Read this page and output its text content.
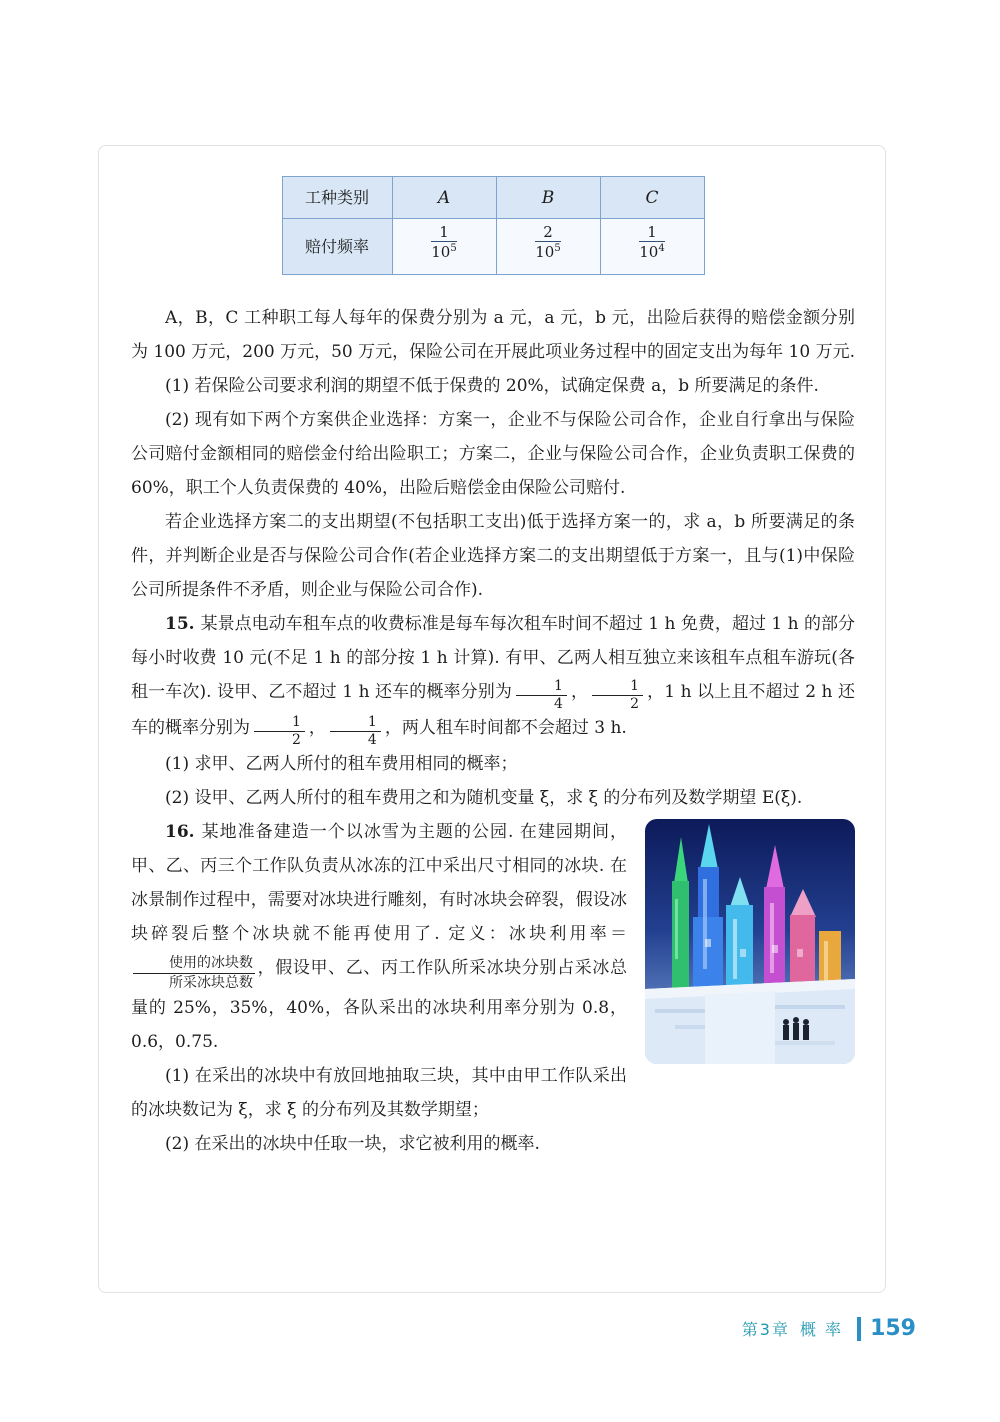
工种类别	A	B	C
赔付频率	$\frac{1}{10^5}$	$\frac{2}{10^5}$	$\frac{1}{10^4}$

A，B，C 工种职工每人每年的保费分别为 a 元，a 元，b 元，出险后获得的赔偿金额分别为 100 万元，200 万元，50 万元，保险公司在开展此项业务过程中的固定支出为每年 10 万元.

(1) 若保险公司要求利润的期望不低于保费的 20%，试确定保费 a，b 所要满足的条件.

(2) 现有如下两个方案供企业选择：方案一，企业不与保险公司合作，企业自行拿出与保险公司赔付金额相同的赔偿金付给出险职工；方案二，企业与保险公司合作，企业负责职工保费的 60%，职工个人负责保费的 40%，出险后赔偿金由保险公司赔付.

若企业选择方案二的支出期望(不包括职工支出)低于选择方案一的，求 a，b 所要满足的条件，并判断企业是否与保险公司合作(若企业选择方案二的支出期望低于方案一，且与(1)中保险公司所提条件不矛盾，则企业与保险公司合作).

15. 某景点电动车租车点的收费标准是每车每次租车时间不超过 1 h 免费，超过 1 h 的部分每小时收费 10 元(不足 1 h 的部分按 1 h 计算). 有甲、乙两人相互独立来该租车点租车游玩(各租一车次). 设甲、乙不超过 1 h 还车的概率分别为 $\frac{1}{4}$ ， $\frac{1}{2}$ ，1 h 以上且不超过 2 h 还车的概率分别为 $\frac{1}{2}$ ， $\frac{1}{4}$ ，两人租车时间都不会超过 3 h.

(1) 求甲、乙两人所付的租车费用相同的概率；

(2) 设甲、乙两人所付的租车费用之和为随机变量 ξ，求 ξ 的分布列及数学期望 E(ξ).

16. 某地准备建造一个以冰雪为主题的公园. 在建园期间，甲、乙、丙三个工作队负责从冰冻的江中采出尺寸相同的冰块. 在冰景制作过程中，需要对冰块进行雕刻，有时冰块会碎裂，假设冰块碎裂后整个冰块就不能再使用了. 定义：冰块利用率＝
使用的冰块数
所采冰块总数
，假设甲、乙、丙工作队所采冰块分别占采冰总量的 25%，35%，40%，各队采出的冰块利用率分别为 0.8，0.6，0.75.

(1) 在采出的冰块中有放回地抽取三块，其中由甲工作队采出的冰块数记为 ξ，求 ξ 的分布列及其数学期望；

(2) 在采出的冰块中任取一块，求它被利用的概率.

第3章 概 率 159
